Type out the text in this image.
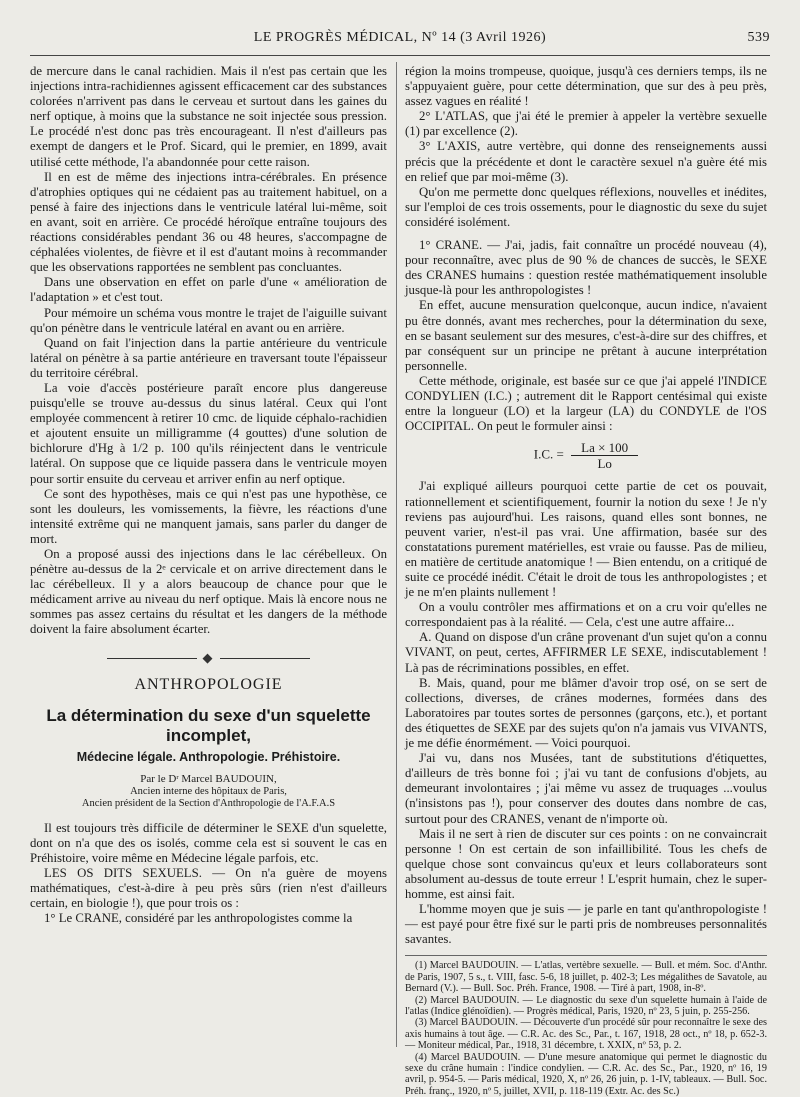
LE PROGRÈS MÉDICAL, Nº 14 (3 Avril 1926)	539

de mercure dans le canal rachidien. Mais il n'est pas certain que les injections intra-rachidiennes agissent efficacement car des substances colorées n'arrivent pas dans le cerveau et surtout dans les gaines du nerf optique, à moins que la substance ne soit injectée sous pression. Le procédé n'est donc pas très encourageant. Il n'est d'ailleurs pas exempt de dangers et le Prof. Sicard, qui le premier, en 1899, avait utilisé cette méthode, l'a abandonnée pour cette raison.

Il en est de même des injections intra-cérébrales. En présence d'atrophies optiques qui ne cédaient pas au traitement habituel, on a pensé à faire des injections dans le ventricule latéral lui-même, soit en avant, soit en arrière. Ce procédé héroïque entraîne toujours des réactions considérables pendant 36 ou 48 heures, s'accompagne de céphalées violentes, de fièvre et il est d'autant moins à recommander que les observations rapportées ne semblent pas concluantes.

Dans une observation en effet on parle d'une « amélioration de l'adaptation » et c'est tout.

Pour mémoire un schéma vous montre le trajet de l'aiguille suivant qu'on pénètre dans le ventricule latéral en avant ou en arrière.

Quand on fait l'injection dans la partie antérieure du ventricule latéral on pénètre à sa partie antérieure en traversant toute l'épaisseur du territoire cérébral.

La voie d'accès postérieure paraît encore plus dangereuse puisqu'elle se trouve au-dessus du sinus latéral. Ceux qui l'ont employée commencent à retirer 10 cmc. de liquide céphalo-rachidien et ajoutent ensuite un milligramme (4 gouttes) d'une solution de bichlorure d'Hg à 1/2 p. 100 qu'ils réinjectent dans le ventricule latéral. On suppose que ce liquide passera dans le ventricule moyen pour sortir ensuite du cerveau et arriver enfin au nerf optique.

Ce sont des hypothèses, mais ce qui n'est pas une hypothèse, ce sont les douleurs, les vomissements, la fièvre, les réactions d'une intensité extrême qui ne manquent jamais, sans parler du danger de mort.

On a proposé aussi des injections dans le lac cérébelleux. On pénètre au-dessus de la 2ᵉ cervicale et on arrive directement dans le lac cérébelleux. Il y a alors beaucoup de chance pour que le médicament arrive au niveau du nerf optique. Mais là encore nous ne sommes pas assez certains du résultat et les dangers de la méthode doivent la faire absolument écarter.

◆
ANTHROPOLOGIE
La détermination du sexe d'un squelette incomplet,
Médecine légale. Anthropologie. Préhistoire.
Par le Dʳ Marcel BAUDOUIN,
Ancien interne des hôpitaux de Paris,
Ancien président de la Section d'Anthropologie de l'A.F.A.S

Il est toujours très difficile de déterminer le SEXE d'un squelette, dont on n'a que des os isolés, comme cela est si souvent le cas en Préhistoire, voire même en Médecine légale parfois, etc.

LES OS DITS SEXUELS. — On n'a guère de moyens mathématiques, c'est-à-dire à peu près sûrs (rien n'est d'ailleurs certain, en biologie !), que pour trois os :

1° Le CRANE, considéré par les anthropologistes comme la

région la moins trompeuse, quoique, jusqu'à ces derniers temps, ils ne s'appuyaient guère, pour cette détermination, que sur des à peu près, assez vagues en réalité !

2° L'ATLAS, que j'ai été le premier à appeler la vertèbre sexuelle (1) par excellence (2).

3° L'AXIS, autre vertèbre, qui donne des renseignements aussi précis que la précédente et dont le caractère sexuel n'a guère été mis en relief que par moi-même (3).

Qu'on me permette donc quelques réflexions, nouvelles et inédites, sur l'emploi de ces trois ossements, pour le diagnostic du sexe du sujet considéré isolément.

1° CRANE. — J'ai, jadis, fait connaître un procédé nouveau (4), pour reconnaître, avec plus de 90 % de chances de succès, le SEXE des CRANES humains : question restée mathématiquement insoluble jusque-là pour les anthropologistes !

En effet, aucune mensuration quelconque, aucun indice, n'avaient pu être donnés, avant mes recherches, pour la détermination du sexe, en se basant seulement sur des mesures, c'est-à-dire sur des chiffres, et par conséquent sur un principe ne prêtant à aucune interprétation personnelle.

Cette méthode, originale, est basée sur ce que j'ai appelé l'INDICE CONDYLIEN (I.C.) ; autrement dit le Rapport centésimal qui existe entre la longueur (LO) et la largeur (LA) du CONDYLE de l'OS OCCIPITAL. On peut le formuler ainsi :

I.C. = $\frac{La \times 100}{Lo}$

J'ai expliqué ailleurs pourquoi cette partie de cet os pouvait, rationnellement et scientifiquement, fournir la notion du sexe ! Je n'y reviens pas aujourd'hui. Les raisons, quand elles sont bonnes, ne peuvent varier, n'est-il pas vrai. Une affirmation, basée sur des constatations purement matérielles, est vraie ou fausse. Pas de milieu, en matière de certitude anatomique ! — Bien entendu, on a critiqué de suite ce procédé inédit. C'était le droit de tous les anthropologistes ; et je ne m'en plaints nullement !

On a voulu contrôler mes affirmations et on a cru voir qu'elles ne correspondaient pas à la réalité. — Cela, c'est une autre affaire...

A. Quand on dispose d'un crâne provenant d'un sujet qu'on a connu VIVANT, on peut, certes, AFFIRMER LE SEXE, indiscutablement ! Là pas de récriminations possibles, en effet.

B. Mais, quand, pour me blâmer d'avoir trop osé, on se sert de collections, diverses, de crânes modernes, formées dans des Laboratoires par toutes sortes de personnes (garçons, etc.), et portant des étiquettes de SEXE par des sujets qu'on n'a jamais vus VIVANTS, je me défie énormément. — Voici pourquoi.

J'ai vu, dans nos Musées, tant de substitutions d'étiquettes, d'ailleurs de très bonne foi ; j'ai vu tant de confusions d'objets, au demeurant involontaires ; j'ai même vu assez de truquages ...voulus (n'insistons pas !), pour conserver des doutes dans nombre de cas, surtout pour des CRANES, venant de n'importe où.

Mais il ne sert à rien de discuter sur ces points : on ne convaincrait personne ! On est certain de son infaillibilité. Tous les chefs de quelque chose sont convaincus qu'eux et leurs collaborateurs sont absolument au-dessus de toute erreur ! L'esprit humain, chez le super-homme, est ainsi fait.

L'homme moyen que je suis — je parle en tant qu'anthropologiste ! — est payé pour être fixé sur le parti pris de nombreuses personnalités savantes.

(1) Marcel BAUDOUIN. — L'atlas, vertèbre sexuelle. — Bull. et mém. Soc. d'Anthr. de Paris, 1907, 5 s., t. VIII, fasc. 5-6, 18 juillet, p. 402-3; Les mégalithes de Savatole, au Bernard (V.). — Bull. Soc. Préh. France, 1908. — Tiré à part, 1908, in-8º.

(2) Marcel BAUDOUIN. — Le diagnostic du sexe d'un squelette humain à l'aide de l'atlas (Indice glénoïdien). — Progrès médical, Paris, 1920, nº 23, 5 juin, p. 255-256.

(3) Marcel BAUDOUIN. — Découverte d'un procédé sûr pour reconnaître le sexe des axis humains à tout âge. — C.R. Ac. des Sc., Par., t. 167, 1918, 28 oct., nº 18, p. 652-3. — Moniteur médical, Par., 1918, 31 décembre, t. XXIX, nº 53, p. 2.

(4) Marcel BAUDOUIN. — D'une mesure anatomique qui permet le diagnostic du sexe du crâne humain : l'indice condylien. — C.R. Ac. des Sc., Par., 1920, nº 16, 19 avril, p. 954-5. — Paris médical, 1920, X, nº 26, 26 juin, p. 1-IV, tableaux. — Bull. Soc. Préh. franç., 1920, nº 5, juillet, XVII, p. 118-119 (Extr. Ac. des Sc.)
